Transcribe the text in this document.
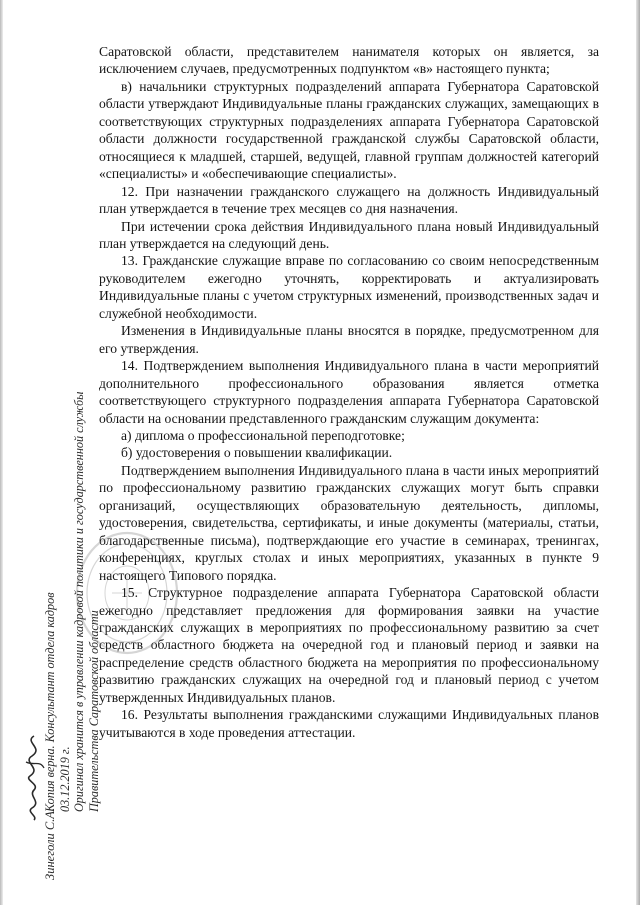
Саратовской области, представителем нанимателя которых он является, за исключением случаев, предусмотренных подпунктом «в» настоящего пункта;

в) начальники структурных подразделений аппарата Губернатора Саратовской области утверждают Индивидуальные планы гражданских служащих, замещающих в соответствующих структурных подразделениях аппарата Губернатора Саратовской области должности государственной гражданской службы Саратовской области, относящиеся к младшей, старшей, ведущей, главной группам должностей категорий «специалисты» и «обеспечивающие специалисты».

12. При назначении гражданского служащего на должность Индивидуальный план утверждается в течение трех месяцев со дня назначения.

При истечении срока действия Индивидуального плана новый Индивидуальный план утверждается на следующий день.

13. Гражданские служащие вправе по согласованию со своим непосредственным руководителем ежегодно уточнять, корректировать и актуализировать Индивидуальные планы с учетом структурных изменений, производственных задач и служебной необходимости.

Изменения в Индивидуальные планы вносятся в порядке, предусмотренном для его утверждения.

14. Подтверждением выполнения Индивидуального плана в части мероприятий дополнительного профессионального образования является отметка соответствующего структурного подразделения аппарата Губернатора Саратовской области на основании представленного гражданским служащим документа:

а) диплома о профессиональной переподготовке;

б) удостоверения о повышении квалификации.

Подтверждением выполнения Индивидуального плана в части иных мероприятий по профессиональному развитию гражданских служащих могут быть справки организаций, осуществляющих образовательную деятельность, дипломы, удостоверения, свидетельства, сертификаты, и иные документы (материалы, статьи, благодарственные письма), подтверждающие его участие в семинарах, тренингах, конференциях, круглых столах и иных мероприятиях, указанных в пункте 9 настоящего Типового порядка.

15. Структурное подразделение аппарата Губернатора Саратовской области ежегодно представляет предложения для формирования заявки на участие гражданских служащих в мероприятиях по профессиональному развитию за счет средств областного бюджета на очередной год и плановый период и заявки на распределение средств областного бюджета на мероприятия по профессиональному развитию гражданских служащих на очередной год и плановый период с учетом утвержденных Индивидуальных планов.

16. Результаты выполнения гражданскими служащими Индивидуальных планов учитываются в ходе проведения аттестации.

Копия верна. Консультант отдела кадров 03.12.2019 г. Оригинал хранится в управлении кадровой политики и государственной службы Правительства Саратовской области
Зинеголи С.А.
